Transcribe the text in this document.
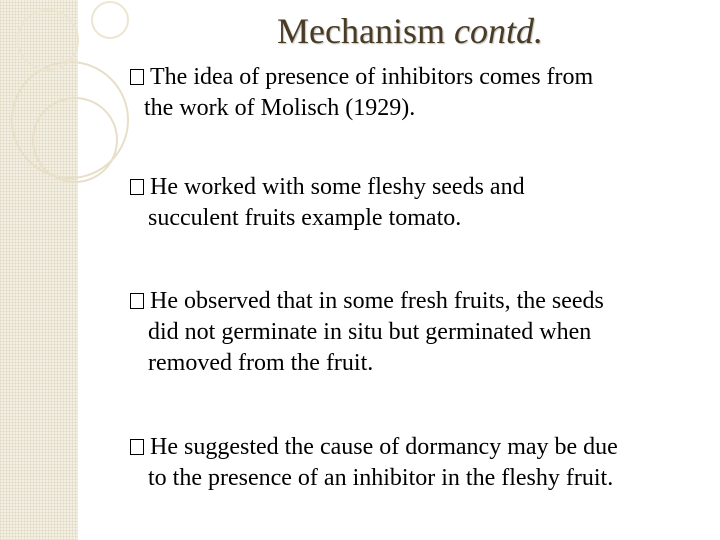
Mechanism contd.
The idea of presence of inhibitors comes from
the work of Molisch (1929).
He worked with some fleshy seeds and
succulent fruits example tomato.
He observed that in some fresh fruits, the seeds
did not germinate in situ but germinated when
removed from the fruit.
He suggested the cause of dormancy may be due
to the presence of an inhibitor in the fleshy fruit.
